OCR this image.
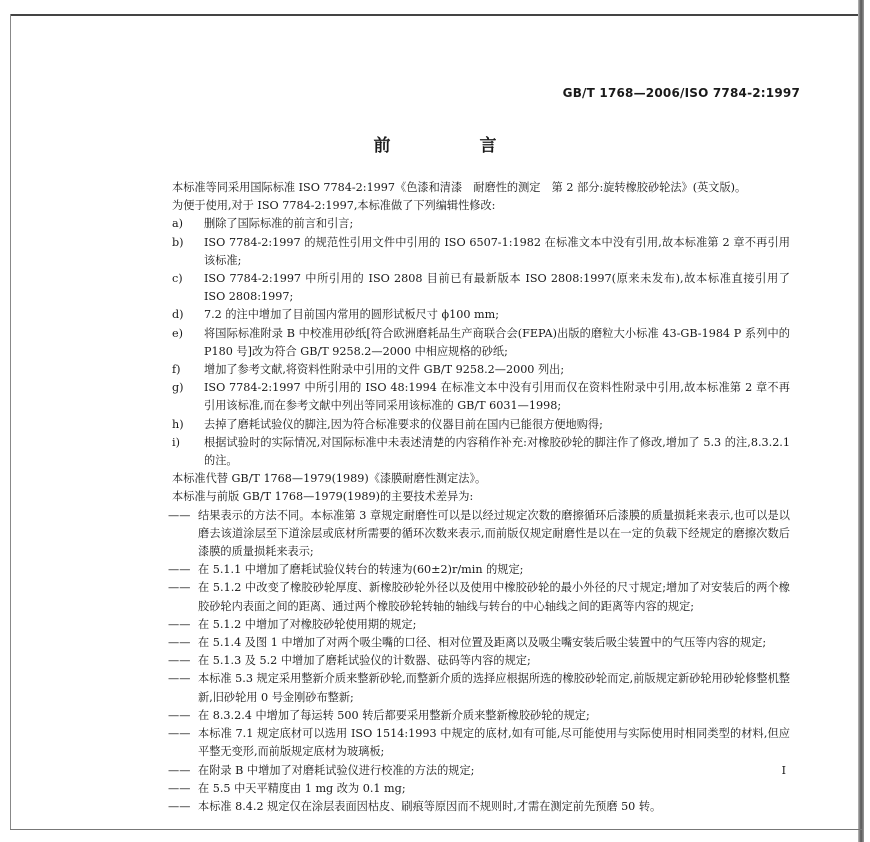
GB/T 1768—2006/ISO 7784-2:1997
前　言

本标准等同采用国际标准 ISO 7784-2:1997《色漆和清漆　耐磨性的测定　第 2 部分:旋转橡胶砂轮法》(英文版)。

为便于使用,对于 ISO 7784-2:1997,本标准做了下列编辑性修改:

a)	删除了国际标准的前言和引言;
b)	ISO 7784-2:1997 的规范性引用文件中引用的 ISO 6507-1:1982 在标准文本中没有引用,故本标准第 2 章不再引用该标准;
c)	ISO 7784-2:1997 中所引用的 ISO 2808 目前已有最新版本 ISO 2808:1997(原来未发布),故本标准直接引用了 ISO 2808:1997;
d)	7.2 的注中增加了目前国内常用的圆形试板尺寸 ϕ100 mm;
e)	将国际标准附录 B 中校准用砂纸[符合欧洲磨耗品生产商联合会(FEPA)出版的磨粒大小标准 43-GB-1984 P 系列中的 P180 号]改为符合 GB/T 9258.2—2000 中相应规格的砂纸;
f)	增加了参考文献,将资料性附录中引用的文件 GB/T 9258.2—2000 列出;
g)	ISO 7784-2:1997 中所引用的 ISO 48:1994 在标准文本中没有引用而仅在资料性附录中引用,故本标准第 2 章不再引用该标准,而在参考文献中列出等同采用该标准的 GB/T 6031—1998;
h)	去掉了磨耗试验仪的脚注,因为符合标准要求的仪器目前在国内已能很方便地购得;
i)	根据试验时的实际情况,对国际标准中未表述清楚的内容稍作补充:对橡胶砂轮的脚注作了修改,增加了 5.3 的注,8.3.2.1 的注。

本标准代替 GB/T 1768—1979(1989)《漆膜耐磨性测定法》。

本标准与前版 GB/T 1768—1979(1989)的主要技术差异为:

—— 结果表示的方法不同。本标准第 3 章规定耐磨性可以是以经过规定次数的磨擦循环后漆膜的质量损耗来表示,也可以是以磨去该道涂层至下道涂层或底材所需要的循环次数来表示,而前版仅规定耐磨性是以在一定的负载下经规定的磨擦次数后漆膜的质量损耗来表示;
—— 在 5.1.1 中增加了磨耗试验仪转台的转速为(60±2)r/min 的规定;
—— 在 5.1.2 中改变了橡胶砂轮厚度、新橡胶砂轮外径以及使用中橡胶砂轮的最小外径的尺寸规定;增加了对安装后的两个橡胶砂轮内表面之间的距离、通过两个橡胶砂轮转轴的轴线与转台的中心轴线之间的距离等内容的规定;
—— 在 5.1.2 中增加了对橡胶砂轮使用期的规定;
—— 在 5.1.4 及图 1 中增加了对两个吸尘嘴的口径、相对位置及距离以及吸尘嘴安装后吸尘装置中的气压等内容的规定;
—— 在 5.1.3 及 5.2 中增加了磨耗试验仪的计数器、砝码等内容的规定;
—— 本标准 5.3 规定采用整新介质来整新砂轮,而整新介质的选择应根据所选的橡胶砂轮而定,前版规定新砂轮用砂轮修整机整新,旧砂轮用 0 号金刚砂布整新;
—— 在 8.3.2.4 中增加了每运转 500 转后都要采用整新介质来整新橡胶砂轮的规定;
—— 本标准 7.1 规定底材可以选用 ISO 1514:1993 中规定的底材,如有可能,尽可能使用与实际使用时相同类型的材料,但应平整无变形,而前版规定底材为玻璃板;
—— 在附录 B 中增加了对磨耗试验仪进行校准的方法的规定;
—— 在 5.5 中天平精度由 1 mg 改为 0.1 mg;
—— 本标准 8.4.2 规定仅在涂层表面因枯皮、刷痕等原因而不规则时,才需在测定前先预磨 50 转。
I
